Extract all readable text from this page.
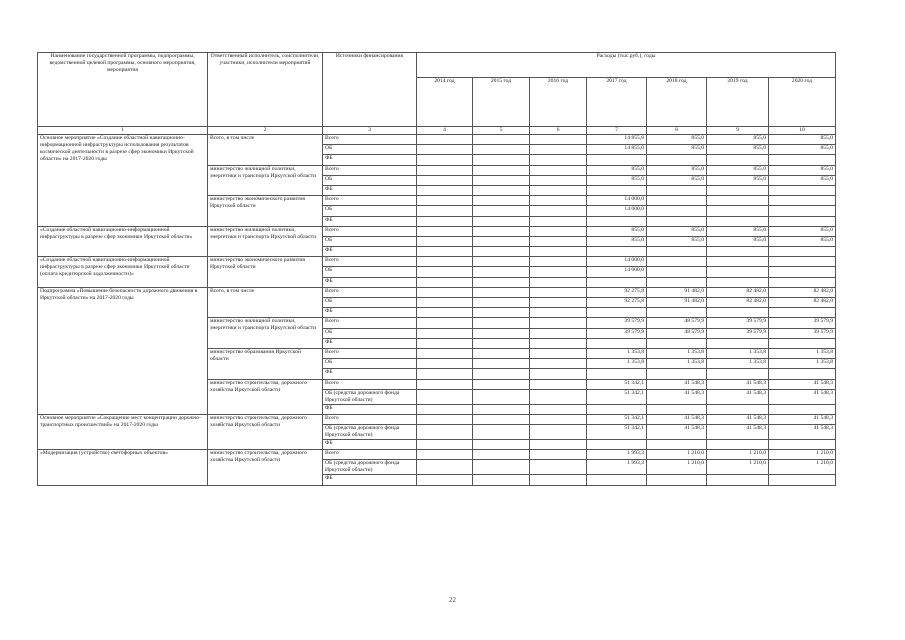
Наименование государственной программы, подпрограммы, ведомственной целевой программы, основного мероприятия, мероприятия	Ответственный исполнитель, соисполнители, участники, исполнители мероприятий	Источники финансирования	Расходы (тыс.руб.), годы						
			2014 год	2015 год	2016 год	2017 год	2018 год	2019 год	2020 год
1	2	3	4	5	6	7	8	9	10
Основное мероприятие «Создание областной навигационно-информационной инфраструктуры использования результатов космической деятельности в разрезе сфер экономики Иркутской области» на 2017-2020 годы	Всего, в том числе	Всего				14 855,0	855,0	855,0	855,0
		ОБ				14 855,0	855,0	855,0	855,0
		ФБ							
	министерство жилищной политики, энергетики и транспорта Иркутской области	Всего				855,0	855,0	855,0	855,0
		ОБ				855,0	855,0	855,0	855,0
		ФБ							
	министерство экономического развития Иркутской области	Всего				14 000,0			
		ОБ				14 000,0			
		ФБ							
«Создание областной навигационно-информационной инфраструктуры в разрезе сфер экономики Иркутской области»	министерство жилищной политики, энергетики и транспорта Иркутской области	Всего				855,0	855,0	855,0	855,0
		ОБ				855,0	855,0	855,0	855,0
		ФБ							
«Создание областной навигационно-информационной инфраструктуры в разрезе сфер экономики Иркутской области (оплата кредиторской задолженности)»	министерство экономического развития Иркутской области	Всего				14 000,0			
		ОБ				14 000,0			
		ФБ							
Подпрограмма «Повышение безопасности дорожного движения в Иркутской области» на 2017-2020 годы	Всего, в том числе	Всего				92 275,8	91 482,0	82 482,0	82 482,0
		ОБ				92 275,8	91 482,0	82 482,0	82 482,0
		ФБ							
	министерство жилищной политики, энергетики и транспорта Иркутской области	Всего				39 579,9	48 579,9	39 579,9	39 579,9
		ОБ				39 579,9	48 579,9	39 579,9	39 579,9
		ФБ							
	министерство образования Иркутской области	Всего				1 353,8	1 353,8	1 353,8	1 353,8
		ОБ				1 353,8	1 353,8	1 353,8	1 353,8
		ФБ							
	министерство строительства, дорожного хозяйства Иркутской области	Всего				51 342,1	41 548,3	41 548,3	41 548,3
		ОБ (средства дорожного фонда Иркутской области)				51 342,1	41 548,3	41 548,3	41 548,3
		ФБ							
Основное мероприятие «Сокращение мест концентрации дорожно-транспортных происшествий» на 2017-2020 годы	министерство строительства, дорожного хозяйства Иркутской области	Всего				51 342,1	41 548,3	41 548,3	41 548,3
		ОБ (средства дорожного фонда Иркутской области)				51 342,1	41 548,3	41 548,3	41 548,3
		ФБ							
«Модернизация (устройство) светофорных объектов»	министерство строительства, дорожного хозяйства Иркутской области	Всего				1 993,3	1 210,0	1 210,0	1 210,0
		ОБ (средства дорожного фонда Иркутской области)				1 993,3	1 210,0	1 210,0	1 210,0
		ФБ							
22
